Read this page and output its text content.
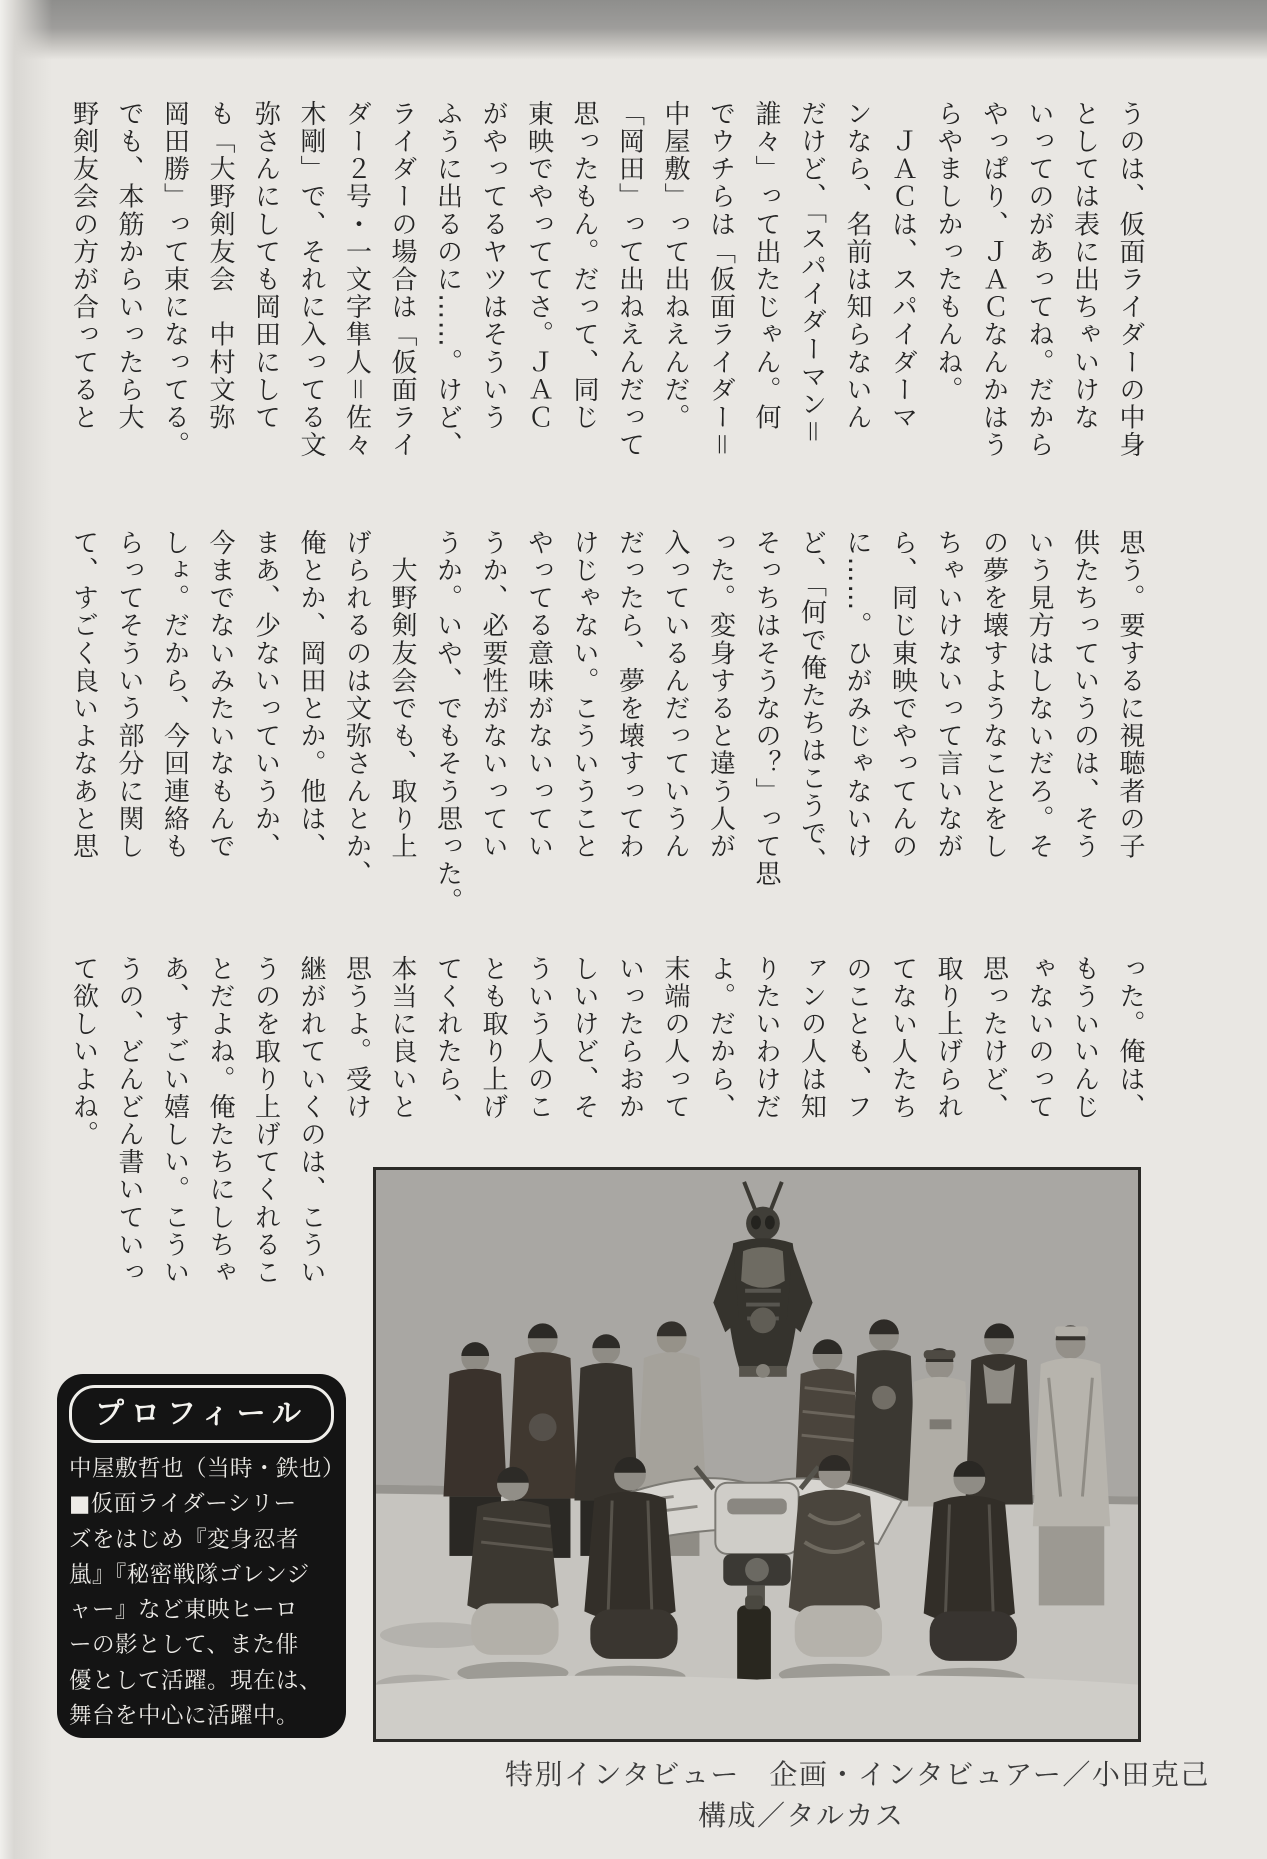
うのは、仮面ライダーの中身
としては表に出ちゃいけな
いってのがあってね。だから
やっぱり、ＪＡＣなんかはう
らやましかったもんね。
　ＪＡＣは、スパイダーマ
ンなら、名前は知らないん
だけど、「スパイダーマン＝
誰々」って出たじゃん。何
でウチらは「仮面ライダー＝
中屋敷」って出ねえんだ。
「岡田」って出ねえんだって
思ったもん。だって、同じ
東映でやっててさ。ＪＡＣ
がやってるヤツはそういう
ふうに出るのに……。けど、
ライダーの場合は「仮面ライ
ダー２号・一文字隼人＝佐々
木剛」で、それに入ってる文
弥さんにしても岡田にして
も「大野剣友会　中村文弥
岡田勝」って束になってる。
でも、本筋からいったら大
野剣友会の方が合ってると
思う。要するに視聴者の子
供たちっていうのは、そう
いう見方はしないだろ。そ
の夢を壊すようなことをし
ちゃいけないって言いなが
ら、同じ東映でやってんの
に……。ひがみじゃないけ
ど、「何で俺たちはこうで、
そっちはそうなの？」って思
った。変身すると違う人が
入っているんだっていうん
だったら、夢を壊すってわ
けじゃない。こういうこと
やってる意味がないってい
うか、必要性がないってい
うか。いや、でもそう思った。
　大野剣友会でも、取り上
げられるのは文弥さんとか、
俺とか、岡田とか。他は、
まあ、少ないっていうか、
今までないみたいなもんで
しょ。だから、今回連絡も
らってそういう部分に関し
て、すごく良いよなあと思
った。俺は、
もういいんじ
ゃないのって
思ったけど、
取り上げられ
てない人たち
のことも、フ
ァンの人は知
りたいわけだ
よ。だから、
末端の人って
いったらおか
しいけど、そ
ういう人のこ
とも取り上げ
てくれたら、
本当に良いと
思うよ。受け
継がれていくのは、こうい
うのを取り上げてくれるこ
とだよね。俺たちにしちゃ
あ、すごい嬉しい。こうい
うの、どんどん書いていっ
て欲しいよね。
プロフィール
中屋敷哲也（当時・鉄也）
■仮面ライダーシリー
ズをはじめ『変身忍者
嵐』『秘密戦隊ゴレンジ
ャー』など東映ヒーロ
ーの影として、また俳
優として活躍。現在は、
舞台を中心に活躍中。
特別インタビュー　企画・インタビュアー／小田克己
構成／タルカス
